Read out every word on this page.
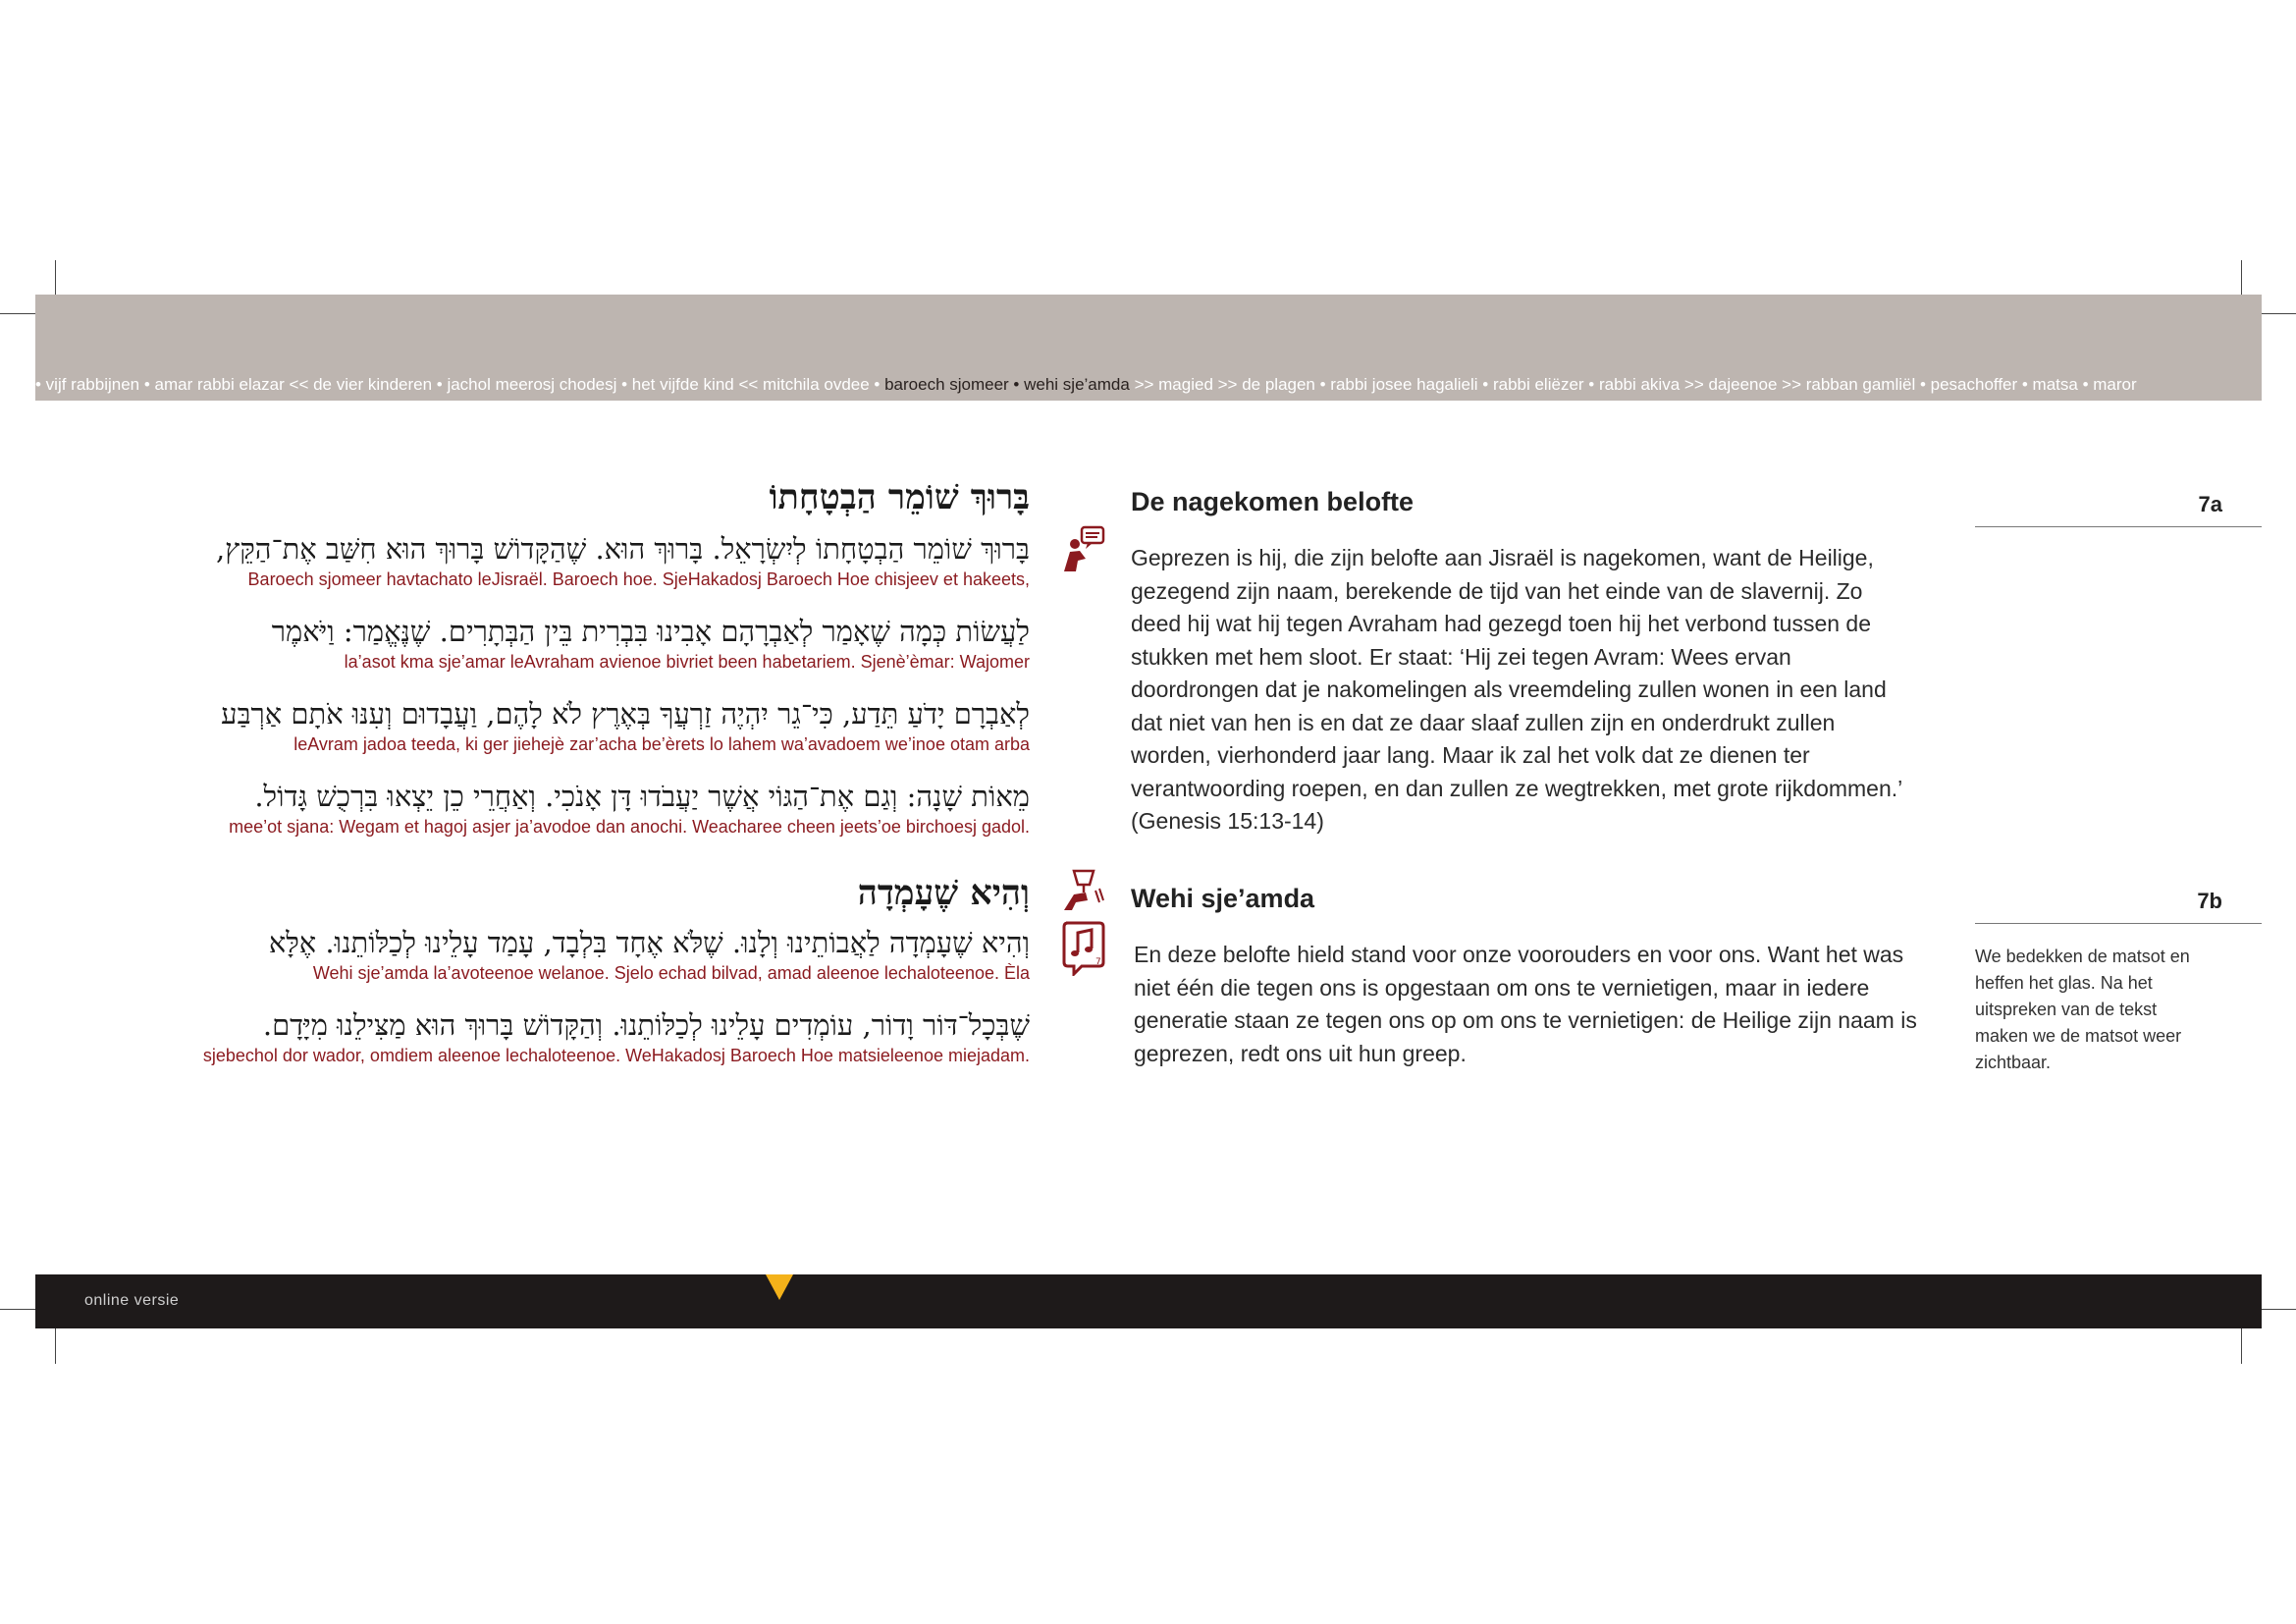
• vijf rabbijnen • amar rabbi elazar << de vier kinderen • jachol meerosj chodesj • het vijfde kind << mitchila ovdee • baroech sjomeer • wehi sje’amda >> magied >> de plagen • rabbi josee hagalieli • rabbi eliëzer • rabbi akiva >> dajeenoe >> rabban gamliël • pesachoffer • matsa • maror
בָּרוּךְ שׁוֹמֵר הַבְטָחָתוֹ
בָּרוּךְ שׁוֹמֵר הַבְטָחָתוֹ לְיִשְׂרָאֵל. בָּרוּךְ הוּא. שֶׁהַקָּדוֹשׁ בָּרוּךְ הוּא חִשַּׁב אֶת־הַקֵּץ,
Baroech sjomeer havtachato leJisraël. Baroech hoe. SjeHakadosj Baroech Hoe chisjeev et hakeets,
לַעֲשׂוֹת כְּמָה שֶׁאָמַר לְאַבְרָהָם אָבִינוּ בִּבְרִית בֵּין הַבְּתָרִים. שֶׁנֶּאֱמַר: וַיֹּאמֶר
la’asot kma sje’amar leAvraham avienoe bivriet been habetariem. Sjenè’èmar: Wajomer
לְאַבְרָם יָדֹעַ תֵּדַע, כִּי־גֵר יִהְיֶה זַרְעֲךָ בְּאֶרֶץ לֹא לָהֶם, וַעֲבָדוּם וְעִנּוּ אֹתָם אַרְבַּע
leAvram jadoa teeda, ki ger jiehejè zar’acha be’èrets lo lahem wa’avadoem we’inoe otam arba
מֵאוֹת שָׁנָה: וְגַם אֶת־הַגּוֹי אֲשֶׁר יַעֲבֹדוּ דָּן אָנֹכִי. וְאַחֲרֵי כֵן יֵצְאוּ בִּרְכֻשׁ גָּדוֹל.
mee’ot sjana: Wegam et hagoj asjer ja’avodoe dan anochi. Weacharee cheen jeets’oe birchoesj gadol.
De nagekomen belofte	7a
Geprezen is hij, die zijn belofte aan Jisraël is nagekomen, want de Heilige, gezegend zijn naam, berekende de tijd van het einde van de slavernij. Zo deed hij wat hij tegen Avraham had gezegd toen hij het verbond tussen de stukken met hem sloot. Er staat: ‘Hij zei tegen Avram: Wees ervan doordrongen dat je nakomelingen als vreemdeling zullen wonen in een land dat niet van hen is en dat ze daar slaaf zullen zijn en onderdrukt zullen worden, vierhonderd jaar lang. Maar ik zal het volk dat ze dienen ter verantwoording roepen, en dan zullen ze wegtrekken, met grote rijkdommen.’ (Genesis 15:13-14)
וְהִיא שֶׁעָמְדָה
וְהִיא שֶׁעָמְדָה לַאֲבוֹתֵינוּ וְלָנוּ. שֶׁלֹּא אֶחָד בִּלְבָד, עָמַד עָלֵינוּ לְכַלּוֹתֵנוּ. אֶלָּא
Wehi sje’amda la’avoteenoe welanoe. Sjelo echad bilvad, amad aleenoe lechaloteenoe. Èla
שֶׁבְּכָל־דּוֹר וָדוֹר, עוֹמְדִים עָלֵינוּ לְכַלּוֹתֵנוּ. וְהַקָּדוֹשׁ בָּרוּךְ הוּא מַצִּילֵנוּ מִיָּדָם.
sjebechol dor wador, omdiem aleenoe lechaloteenoe. WeHakadosj Baroech Hoe matsieleenoe miejadam.
7
Wehi sje’amda	7b
En deze belofte hield stand voor onze voorouders en voor ons. Want het was niet één die tegen ons is opgestaan om ons te vernietigen, maar in iedere generatie staan ze tegen ons op om ons te vernietigen: de Heilige zijn naam is geprezen, redt ons uit hun greep.
We bedekken de matsot en heffen het glas. Na het uitspreken van de tekst maken we de matsot weer zichtbaar.
online versie
